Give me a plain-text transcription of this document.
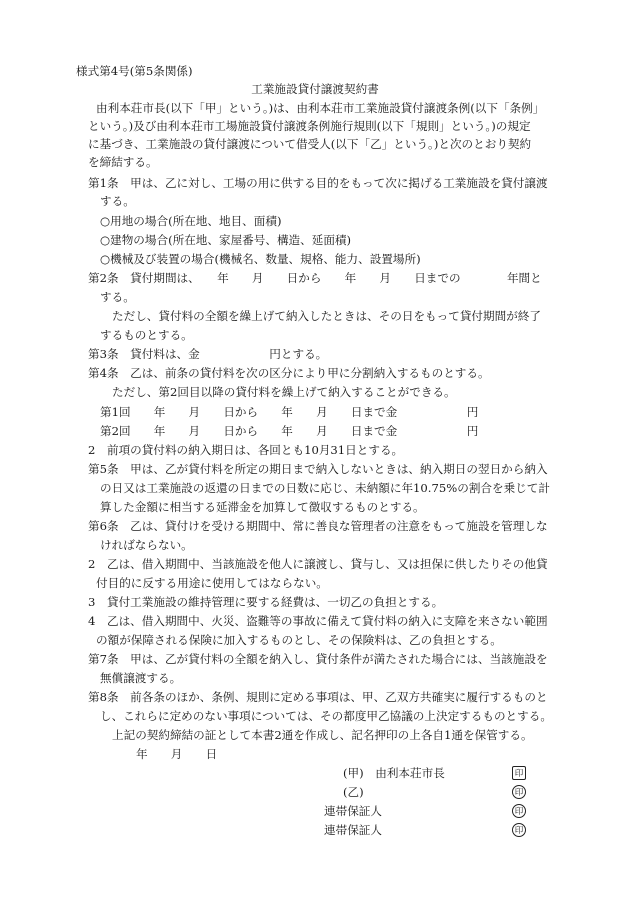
様式第4号(第5条関係)
工業施設貸付譲渡契約書
由利本荘市長(以下「甲」という。)は、由利本荘市工業施設貸付譲渡条例(以下「条例」
という。)及び由利本荘市工場施設貸付譲渡条例施行規則(以下「規則」という。)の規定
に基づき、工業施設の貸付譲渡について借受人(以下「乙」という。)と次のとおり契約
を締結する。
第1条　甲は、乙に対し、工場の用に供する目的をもって次に掲げる工業施設を貸付譲渡
する。
○用地の場合(所在地、地目、面積)
○建物の場合(所在地、家屋番号、構造、延面積)
○機械及び装置の場合(機械名、数量、規格、能力、設置場所)
第2条　貸付期間は、　　年　　月　　日から　　年　　月　　日までの　　　　年間と
する。
ただし、貸付料の全額を繰上げて納入したときは、その日をもって貸付期間が終了
するものとする。
第3条　貸付料は、金　　　　　　円とする。
第4条　乙は、前条の貸付料を次の区分により甲に分割納入するものとする。
ただし、第2回目以降の貸付料を繰上げて納入することができる。
第1回　　年　　月　　日から　　年　　月　　日まで金　　　　　　円
第2回　　年　　月　　日から　　年　　月　　日まで金　　　　　　円
2　前項の貸付料の納入期日は、各回とも10月31日とする。
第5条　甲は、乙が貸付料を所定の期日まで納入しないときは、納入期日の翌日から納入
の日又は工業施設の返還の日までの日数に応じ、未納額に年10.75%の割合を乗じて計
算した金額に相当する延滞金を加算して徴収するものとする。
第6条　乙は、貸付けを受ける期間中、常に善良な管理者の注意をもって施設を管理しな
ければならない。
2　乙は、借入期間中、当該施設を他人に譲渡し、貸与し、又は担保に供したりその他貸
付目的に反する用途に使用してはならない。
3　貸付工業施設の維持管理に要する経費は、一切乙の負担とする。
4　乙は、借入期間中、火災、盗難等の事故に備えて貸付料の納入に支障を来さない範囲
の額が保障される保険に加入するものとし、その保険料は、乙の負担とする。
第7条　甲は、乙が貸付料の全額を納入し、貸付条件が満たされた場合には、当該施設を
無償譲渡する。
第8条　前各条のほか、条例、規則に定める事項は、甲、乙双方共確実に履行するものと
し、これらに定めのない事項については、その都度甲乙協議の上決定するものとする。
上記の契約締結の証として本書2通を作成し、記名押印の上各自1通を保管する。
年　　月　　日
(甲)　由利本荘市長	印
(乙)	印
連帯保証人	印
連帯保証人	印
